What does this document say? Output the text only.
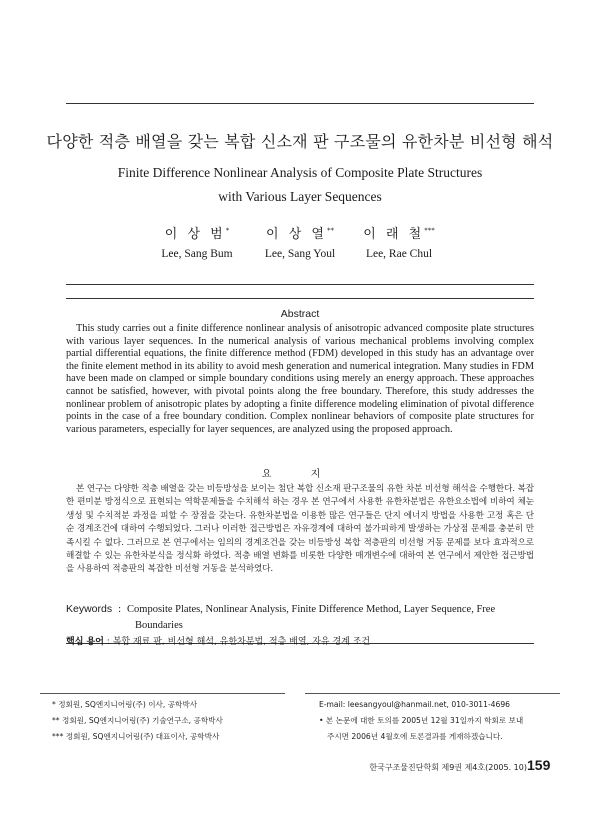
다양한 적층 배열을 갖는 복합 신소재 판 구조물의 유한차분 비선형 해석
Finite Difference Nonlinear Analysis of Composite Plate Structures
with Various Layer Sequences
이 상 범*
Lee, Sang Bum
이 상 열**
Lee, Sang Youl
이 래 철***
Lee, Rae Chul
Abstract
This study carries out a finite difference nonlinear analysis of anisotropic advanced composite plate structures with various layer sequences. In the numerical analysis of various mechanical problems involving complex partial differential equations, the finite difference method (FDM) developed in this study has an advantage over the finite element method in its ability to avoid mesh generation and numerical integration. Many studies in FDM have been made on clamped or simple boundary conditions using merely an energy approach. These approaches cannot be satisfied, however, with pivotal points along the free boundary. Therefore, this study addresses the nonlinear problem of anisotropic plates by adopting a finite difference modeling elimination of pivotal difference points in the case of a free boundary condition. Complex nonlinear behaviors of composite plate structures for various parameters, especially for layer sequences, are analyzed using the proposed approach.
요 지
본 연구는 다양한 적층 배열을 갖는 비등방성을 보이는 첨단 복합 신소재 판구조물의 유한 차분 비선형 해석을 수행한다. 복잡한 편미분 방정식으로 표현되는 역학문제들을 수치해석 하는 경우 본 연구에서 사용한 유한차분법은 유한요소법에 비하여 체눈 생성 및 수치적분 과정을 피할 수 장점을 갖는다. 유한차분법을 이용한 많은 연구들은 단지 에너지 방법을 사용한 고정 혹은 단순 경계조건에 대하여 수행되었다. 그러나 이러한 접근방법은 자유경계에 대하여 불가피하게 발생하는 가상점 문제를 충분히 만족시킬 수 없다. 그러므로 본 연구에서는 임의의 경계조건을 갖는 비등방성 복합 적층판의 비선형 거동 문제를 보다 효과적으로 해결할 수 있는 유한차분식을 정식화 하였다. 적층 배열 변화를 비롯한 다양한 매개변수에 대하여 본 연구에서 제안한 접근방법을 사용하여 적층판의 복잡한 비선형 거동을 분석하였다.
Keywords : Composite Plates, Nonlinear Analysis, Finite Difference Method, Layer Sequence, Free
Boundaries
핵심 용어 : 복합 재료 판, 비선형 해석, 유한차분법, 적층 배열, 자유 경계 조건
* 정회원, SQ엔지니어링(주) 이사, 공학박사
** 정회원, SQ엔지니어링(주) 기술연구소, 공학박사
*** 정회원, SQ엔지니어링(주) 대표이사, 공학박사
E-mail: leesangyoul@hanmail.net, 010-3011-4696
• 본 논문에 대한 토의를 2005년 12월 31일까지 학회로 보내
주시면 2006년 4월호에 토론결과를 게재하겠습니다.
한국구조물진단학회 제9권 제4호(2005. 10) 159
